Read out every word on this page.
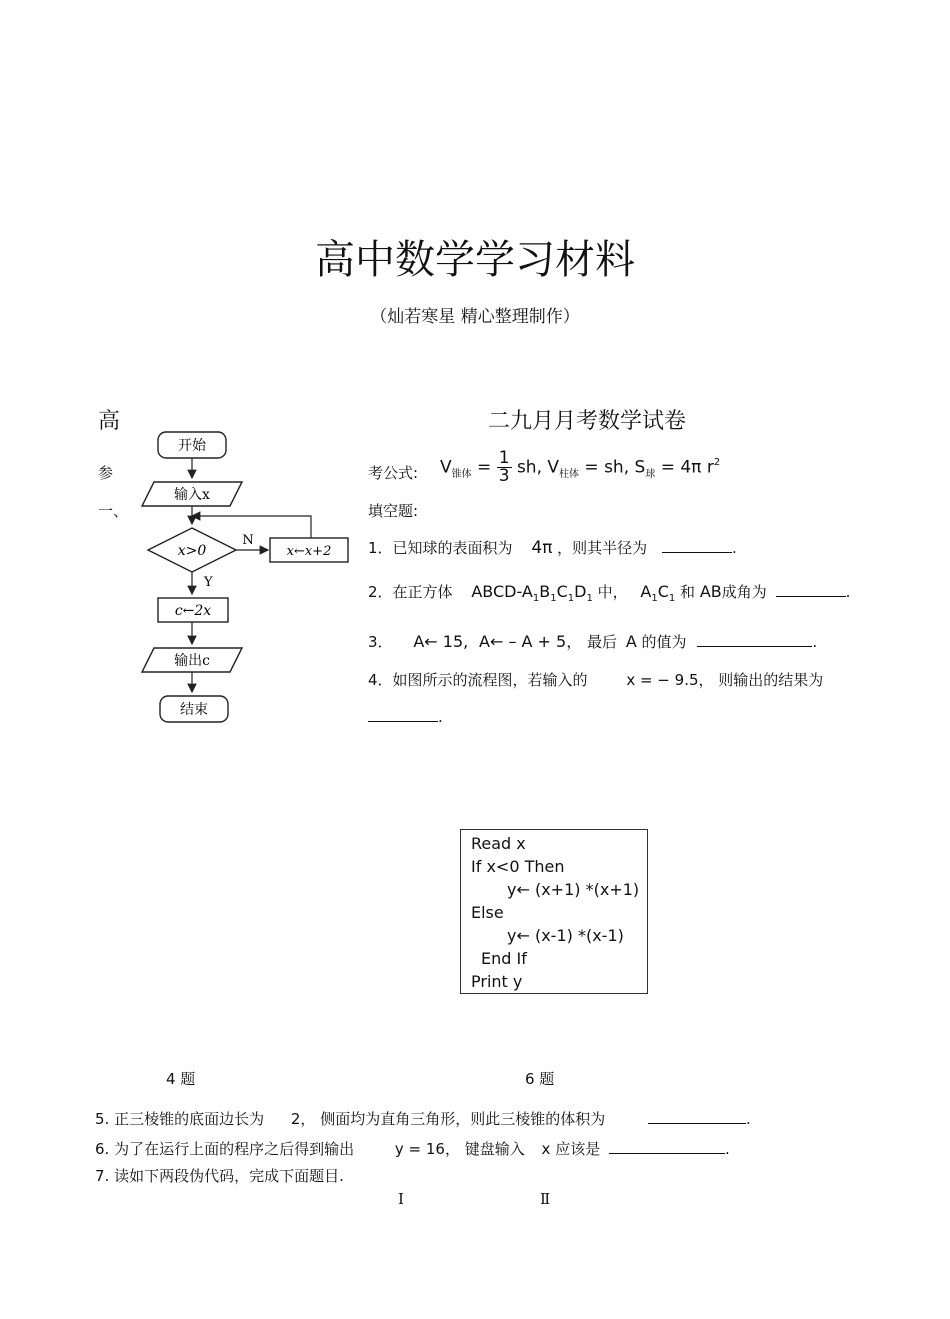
高中数学学习材料
（灿若寒星 精心整理制作）
高
参
一、
二九月月考数学试卷
考公式: $V_{锥体} = \frac{1}{3}$ sh, $V_{柱体}$ = sh, $S_球 = 4\pi$ $r^2$
填空题:
1．已知球的表面积为 4π ，则其半径为	.
2．在正方体 ABCD-$A_1B_1C_1D_1$ 中， $A_1C_1$ 和 AB成角为	.
3． A← 15, A← – A + 5， 最后 A 的值为	.
4．如图所示的流程图，若输入的	x = − 9.5， 则输出的结果为
.
开始
输入x
x>0
N
x←x+2
Y
c←2x
输出c
结束
Read x
If x<0 Then
y← (x+1) *(x+1)
Else
y← (x-1) *(x-1)
End If
Print y
4 题	6 题
5. 正三棱锥的底面边长为 2， 侧面均为直角三角形，则此三棱锥的体积为	.
6. 为了在运行上面的程序之后得到输出	y = 16， 键盘输入 x 应该是	.
7. 读如下两段伪代码，完成下面题目.
Ⅰ	Ⅱ
